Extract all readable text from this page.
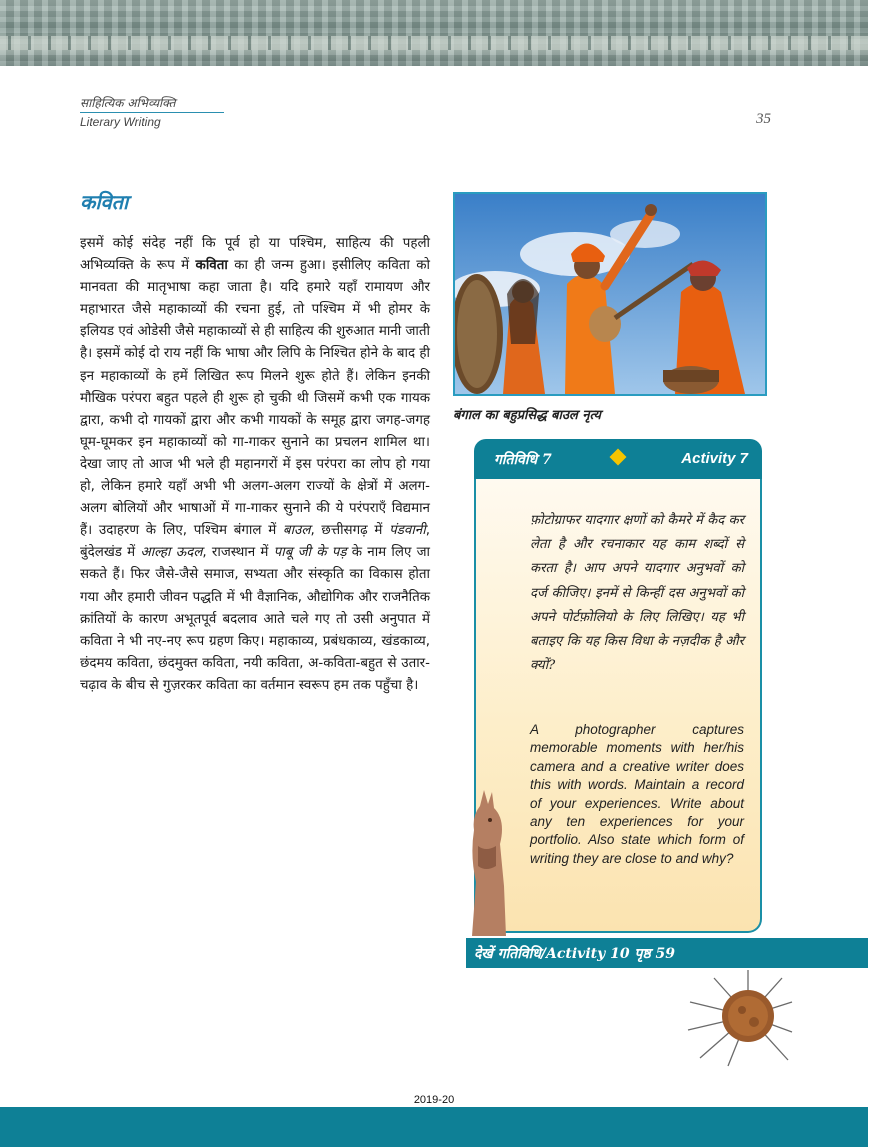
साहित्यिक अभिव्यक्ति
Literary Writing	35
कविता

इसमें कोई संदेह नहीं कि पूर्व हो या पश्चिम, साहित्य की पहली अभिव्यक्ति के रूप में कविता का ही जन्म हुआ। इसीलिए कविता को मानवता की मातृभाषा कहा जाता है। यदि हमारे यहाँ रामायण और महाभारत जैसे महाकाव्यों की रचना हुई, तो पश्चिम में भी होमर के इलियड एवं ओडेसी जैसे महाकाव्यों से ही साहित्य की शुरुआत मानी जाती है। इसमें कोई दो राय नहीं कि भाषा और लिपि के निश्चित होने के बाद ही इन महाकाव्यों के हमें लिखित रूप मिलने शुरू होते हैं। लेकिन इनकी मौखिक परंपरा बहुत पहले ही शुरू हो चुकी थी जिसमें कभी एक गायक द्वारा, कभी दो गायकों द्वारा और कभी गायकों के समूह द्वारा जगह-जगह घूम-घूमकर इन महाकाव्यों को गा-गाकर सुनाने का प्रचलन शामिल था। देखा जाए तो आज भी भले ही महानगरों में इस परंपरा का लोप हो गया हो, लेकिन हमारे यहाँ अभी भी अलग-अलग राज्यों के क्षेत्रों में अलग-अलग बोलियों और भाषाओं में गा-गाकर सुनाने की ये परंपराएँ विद्यमान हैं। उदाहरण के लिए, पश्चिम बंगाल में बाउल, छत्तीसगढ़ में पंडवानी, बुंदेलखंड में आल्हा ऊदल, राजस्थान में पाबू जी के पड़ के नाम लिए जा सकते हैं। फिर जैसे-जैसे समाज, सभ्यता और संस्कृति का विकास होता गया और हमारी जीवन पद्धति में भी वैज्ञानिक, औद्योगिक और राजनैतिक क्रांतियों के कारण अभूतपूर्व बदलाव आते चले गए तो उसी अनुपात में कविता ने भी नए-नए रूप ग्रहण किए। महाकाव्य, प्रबंधकाव्य, खंडकाव्य, छंदमय कविता, छंदमुक्त कविता, नयी कविता, अ-कविता-बहुत से उतार-चढ़ाव के बीच से गुज़रकर कविता का वर्तमान स्वरूप हम तक पहुँचा है।

बंगाल का बहुप्रसिद्ध बाउल नृत्य
गतिविधि 7	Activity 7

फ़ोटोग्राफर यादगार क्षणों को कैमरे में कैद कर लेता है और रचनाकार यह काम शब्दों से करता है। आप अपने यादगार अनुभवों को दर्ज कीजिए। इनमें से किन्हीं दस अनुभवों को अपने पोर्टफ़ोलियो के लिए लिखिए। यह भी बताइए कि यह किस विधा के नज़दीक है और क्यों?

A photographer captures memorable moments with her/his camera and a creative writer does this with words. Maintain a record of your experiences. Write about any ten experiences for your portfolio. Also state which form of writing they are close to and why?

देखें गतिविधि/Activity 10 पृष्ठ 59
2019-20
